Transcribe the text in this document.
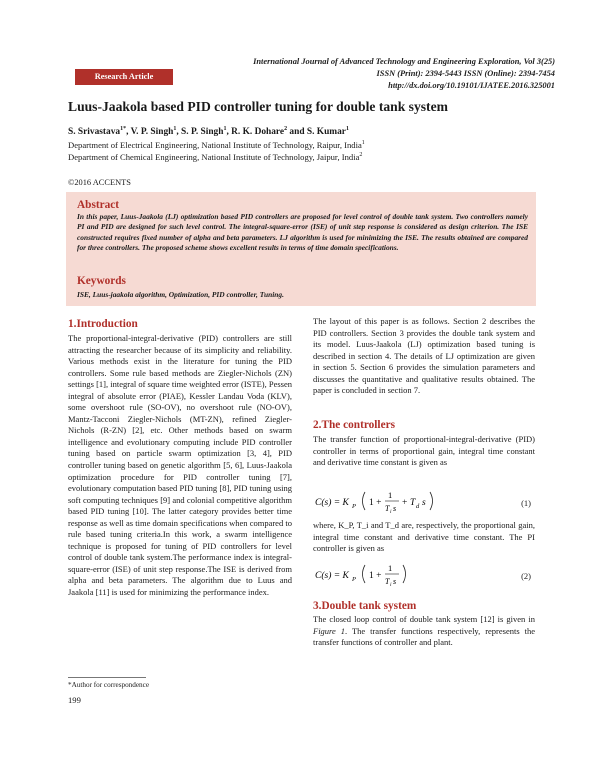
International Journal of Advanced Technology and Engineering Exploration, Vol 3(25)
ISSN (Print): 2394-5443 ISSN (Online): 2394-7454
http://dx.doi.org/10.19101/IJATEE.2016.325001
Research Article
Luus-Jaakola based PID controller tuning for double tank system
S. Srivastava$^{1*}$, V. P. Singh$^1$, S. P. Singh$^1$, R. K. Dohare$^2$ and S. Kumar$^1$
Department of Electrical Engineering, National Institute of Technology, Raipur, India$^1$
Department of Chemical Engineering, National Institute of Technology, Jaipur, India$^2$
©2016 ACCENTS
Abstract
In this paper, Luus-Jaakola (LJ) optimization based PID controllers are proposed for level control of double tank system. Two controllers namely PI and PID are designed for such level control. The integral-square-error (ISE) of unit step response is considered as design criterion. The ISE constructed requires fixed number of alpha and beta parameters. LJ algorithm is used for minimizing the ISE. The results obtained are compared for three controllers. The proposed scheme shows excellent results in terms of time domain specifications.
Keywords
ISE, Luus-jaakola algorithm, Optimization, PID controller, Tuning.
1.Introduction

The proportional-integral-derivative (PID) controllers are still attracting the researcher because of its simplicity and reliability. Various methods exist in the literature for tuning the PID controllers. Some rule based methods are Ziegler-Nichols (ZN) settings [1], integral of square time weighted error (ISTE), Pessen integral of absolute error (PIAE), Kessler Landau Voda (KLV), some overshoot rule (SO-OV), no overshoot rule (NO-OV), Mantz-Tacconi Ziegler-Nichols (MT-ZN), refined Ziegler-Nichols (R-ZN) [2], etc. Other methods based on swarm intelligence and evolutionary computing include PID controller tuning based on particle swarm optimization [3, 4], PID controller tuning based on genetic algorithm [5, 6], Luus-Jaakola optimization procedure for PID controller tuning [7], evolutionary computation based PID tuning [8], PID tuning using soft computing techniques [9] and colonial competitive algorithm based PID tuning [10]. The latter category provides better time response as well as time domain specifications when compared to rule based tuning criteria.In this work, a swarm intelligence technique is proposed for tuning of PID controllers for level control of double tank system.The performance index is integral-square-error (ISE) of unit step response.The ISE is derived from alpha and beta parameters. The algorithm due to Luus and Jaakola [11] is used for minimizing the performance index.

The layout of this paper is as follows. Section 2 describes the PID controllers. Section 3 provides the double tank system and its model. Luus-Jaakola (LJ) optimization based tuning is described in section 4. The details of LJ optimization are given in section 5. Section 6 provides the simulation parameters and discusses the quantitative and qualitative results obtained. The paper is concluded in section 7.

2.The controllers

The transfer function of proportional-integral-derivative (PID) controller in terms of proportional gain, integral time constant and derivative time constant is given as

C(s) = K P 1 +
1
T i s
+ T d s	(1)

where, K_P, T_i and T_d are, respectively, the proportional gain, integral time constant and derivative time constant. The PI controller is given as

C(s) = K P 1 +
1
T i s
(2)
3.Double tank system

The closed loop control of double tank system [12] is given in Figure 1. The transfer functions respectively, represents the transfer functions of controller and plant.

*Author for correspondence
199
